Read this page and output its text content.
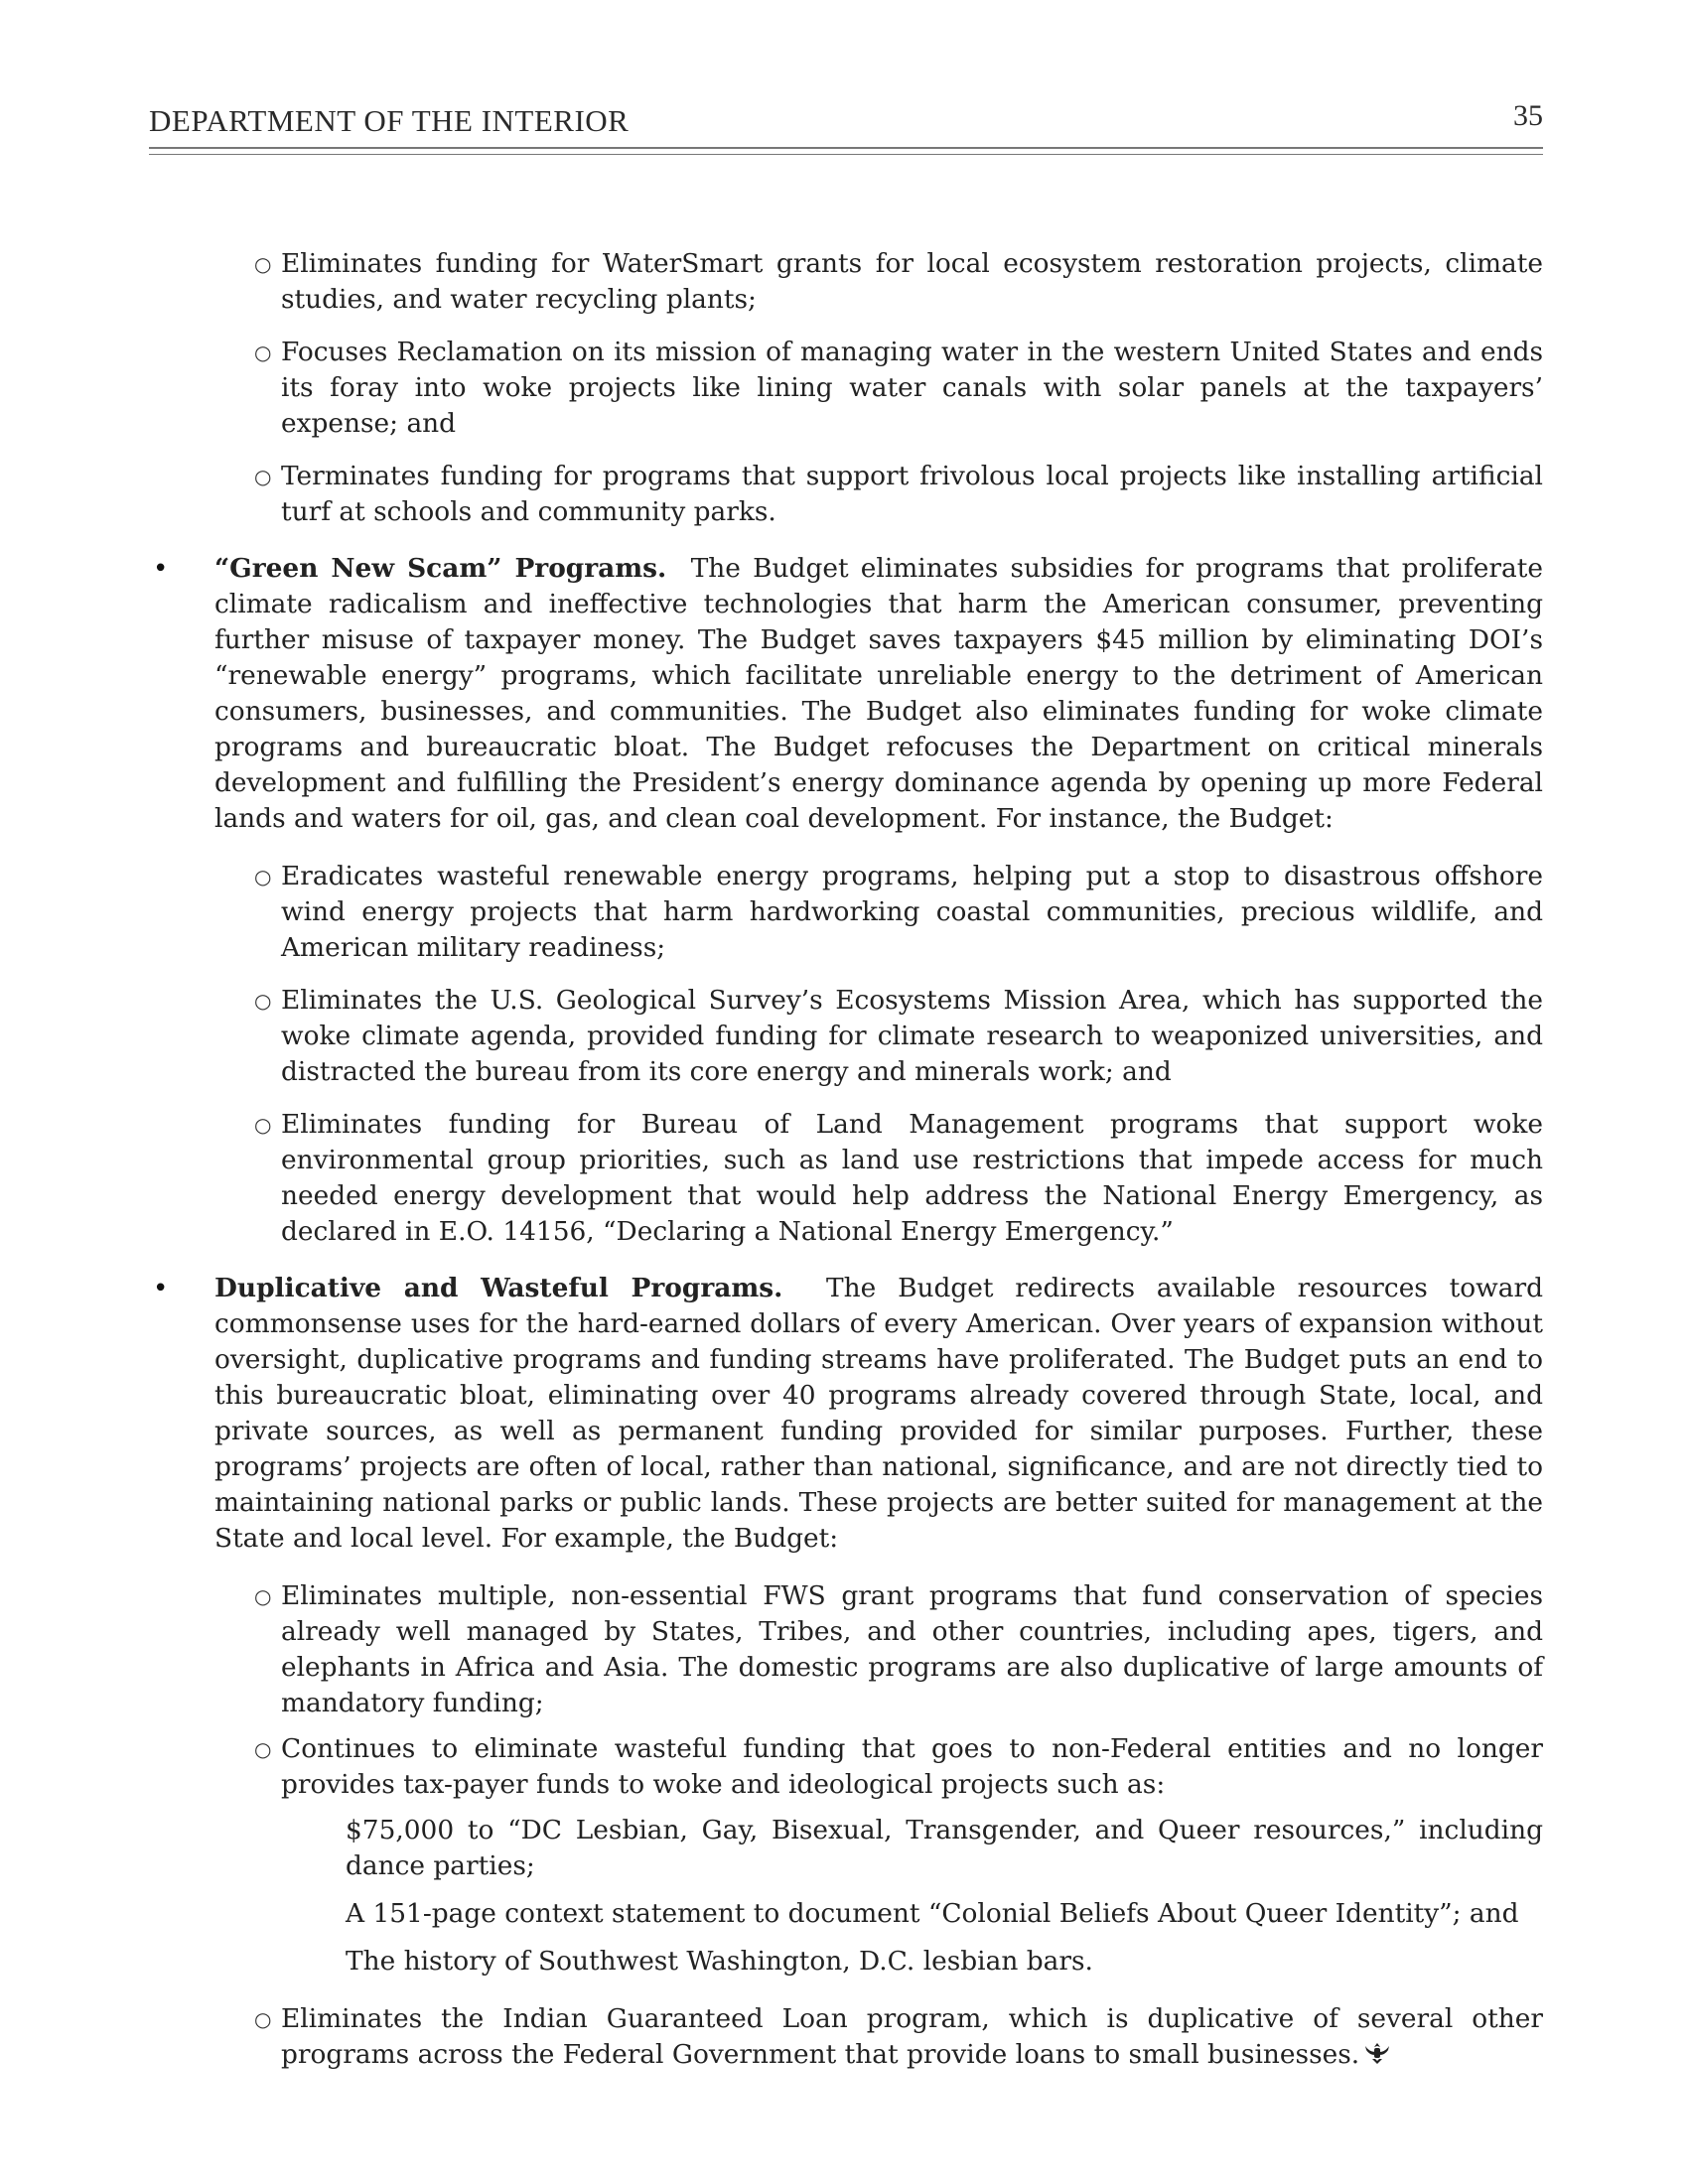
DEPARTMENT OF THE INTERIOR	35

○ Eliminates funding for WaterSmart grants for local ecosystem restoration projects, climate studies, and water recycling plants;

○ Focuses Reclamation on its mission of managing water in the western United States and ends its foray into woke projects like lining water canals with solar panels at the taxpayers’ expense; and

○ Terminates funding for programs that support frivolous local projects like installing artificial turf at schools and community parks.

• “Green New Scam” Programs. The Budget eliminates subsidies for programs that proliferate climate radicalism and ineffective technologies that harm the American consumer, preventing further misuse of taxpayer money. The Budget saves taxpayers $45 million by eliminating DOI’s “renewable energy” programs, which facilitate unreliable energy to the detriment of American consumers, businesses, and communities. The Budget also eliminates funding for woke climate programs and bureaucratic bloat. The Budget refocuses the Department on critical minerals development and fulfilling the President’s energy dominance agenda by opening up more Federal lands and waters for oil, gas, and clean coal development. For instance, the Budget:

○ Eradicates wasteful renewable energy programs, helping put a stop to disastrous offshore wind energy projects that harm hardworking coastal communities, precious wildlife, and American military readiness;

○ Eliminates the U.S. Geological Survey’s Ecosystems Mission Area, which has supported the woke climate agenda, provided funding for climate research to weaponized universities, and distracted the bureau from its core energy and minerals work; and

○ Eliminates funding for Bureau of Land Management programs that support woke environmental group priorities, such as land use restrictions that impede access for much needed energy development that would help address the National Energy Emergency, as declared in E.O. 14156, “Declaring a National Energy Emergency.”

• Duplicative and Wasteful Programs. The Budget redirects available resources toward commonsense uses for the hard-earned dollars of every American. Over years of expansion without oversight, duplicative programs and funding streams have proliferated. The Budget puts an end to this bureaucratic bloat, eliminating over 40 programs already covered through State, local, and private sources, as well as permanent funding provided for similar purposes. Further, these programs’ projects are often of local, rather than national, significance, and are not directly tied to maintaining national parks or public lands. These projects are better suited for management at the State and local level. For example, the Budget:

○ Eliminates multiple, non-essential FWS grant programs that fund conservation of species already well managed by States, Tribes, and other countries, including apes, tigers, and elephants in Africa and Asia. The domestic programs are also duplicative of large amounts of mandatory funding;

○ Continues to eliminate wasteful funding that goes to non-Federal entities and no longer provides tax-payer funds to woke and ideological projects such as:

$75,000 to “DC Lesbian, Gay, Bisexual, Transgender, and Queer resources,” including dance parties;

A 151-page context statement to document “Colonial Beliefs About Queer Identity”; and

The history of Southwest Washington, D.C. lesbian bars.

○ Eliminates the Indian Guaranteed Loan program, which is duplicative of several other programs across the Federal Government that provide loans to small businesses.
